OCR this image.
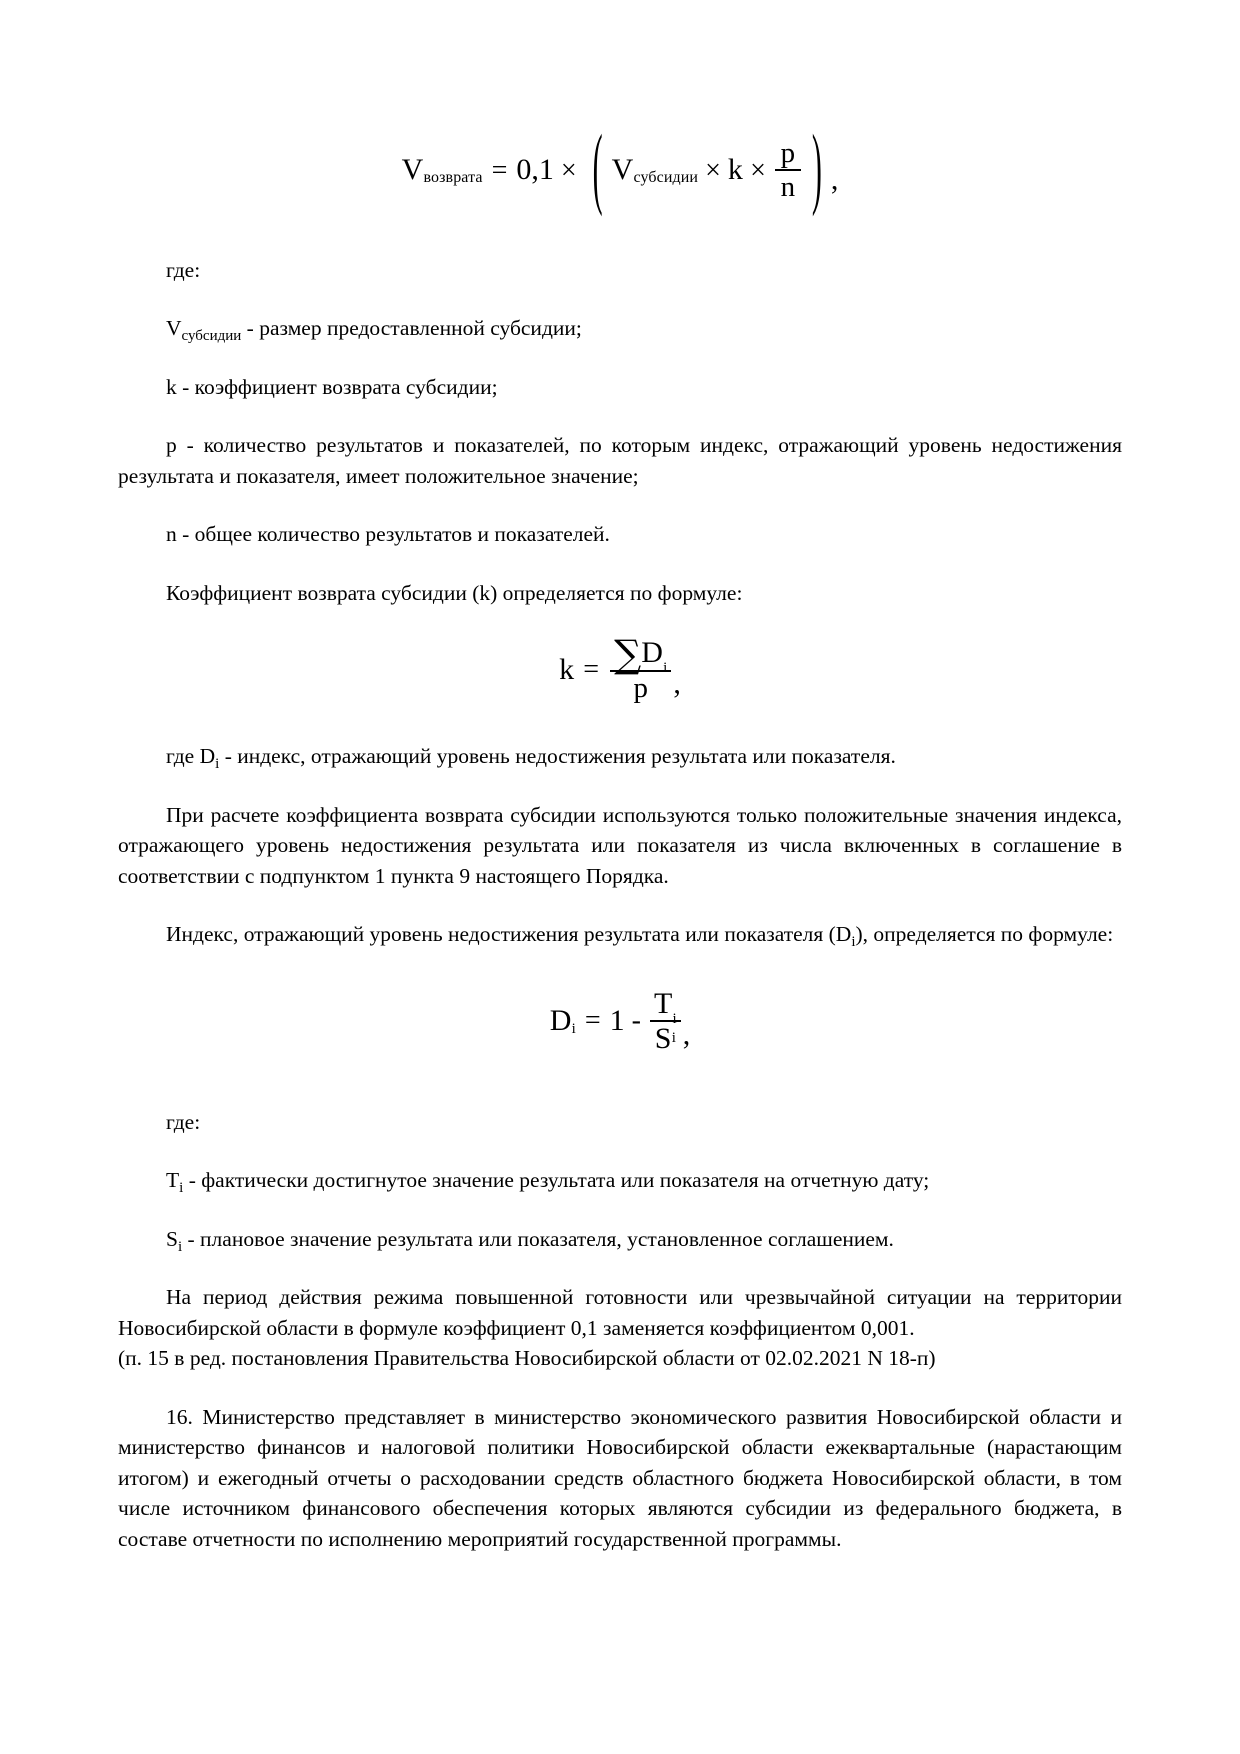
V возврата = 0,1 × ( V субсидии × $k \times \frac{p}{n}$ ) ,

где:

$V_{субсидии}$ - размер предоставленной субсидии;

k - коэффициент возврата субсидии;

p - количество результатов и показателей, по которым индекс, отражающий уровень недостижения результата и показателя, имеет положительное значение;

n - общее количество результатов и показателей.

Коэффициент возврата субсидии (k) определяется по формуле:

$k = \frac{\text{∑ D i}}{p}$ ,

где $D_i$ - индекс, отражающий уровень недостижения результата или показателя.

При расчете коэффициента возврата субсидии используются только положительные значения индекса, отражающего уровень недостижения результата или показателя из числа включенных в соглашение в соответствии с подпунктом 1 пункта 9 настоящего Порядка.

Индекс, отражающий уровень недостижения результата или показателя $(D_i)$, определяется по формуле:

D $i = 1 - \frac{\text{T i}}{\text{S i}}$ ,

где:

$T_i$ - фактически достигнутое значение результата или показателя на отчетную дату;

$S_i$ - плановое значение результата или показателя, установленное соглашением.

На период действия режима повышенной готовности или чрезвычайной ситуации на территории Новосибирской области в формуле коэффициент 0,1 заменяется коэффициентом 0,001.

(п. 15 в ред. постановления Правительства Новосибирской области от 02.02.2021 N 18-п)

16. Министерство представляет в министерство экономического развития Новосибирской области и министерство финансов и налоговой политики Новосибирской области ежеквартальные (нарастающим итогом) и ежегодный отчеты о расходовании средств областного бюджета Новосибирской области, в том числе источником финансового обеспечения которых являются субсидии из федерального бюджета, в составе отчетности по исполнению мероприятий государственной программы.
